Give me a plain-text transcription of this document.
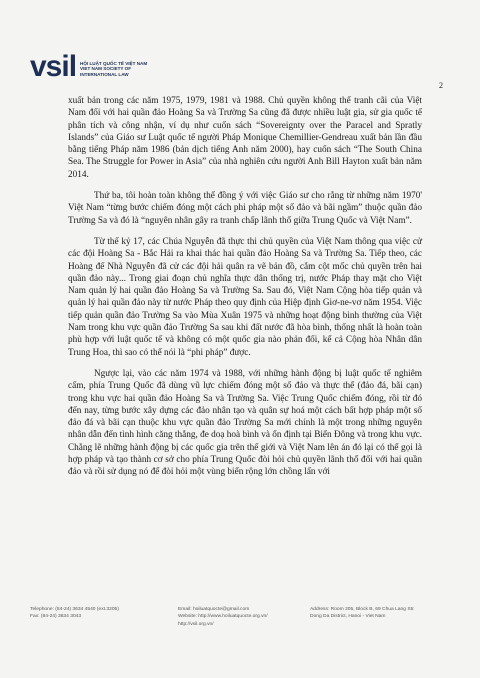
vsil HỘI LUẬT QUỐC TẾ VIỆT NAM
VIET NAM SOCIETY OF
INTERNATIONAL LAW
2

xuất bản trong các năm 1975, 1979, 1981 và 1988. Chủ quyền không thể tranh cãi của Việt Nam đối với hai quần đảo Hoàng Sa và Trường Sa cũng đã được nhiều luật gia, sử gia quốc tế phân tích và công nhận, ví dụ như cuốn sách “Sovereignty over the Paracel and Spratly Islands” của Giáo sư Luật quốc tế người Pháp Monique Chemillier-Gendreau xuất bản lần đầu bằng tiếng Pháp năm 1986 (bản dịch tiếng Anh năm 2000), hay cuốn sách “The South China Sea. The Struggle for Power in Asia” của nhà nghiên cứu người Anh Bill Hayton xuất bản năm 2014.

Thứ ba, tôi hoàn toàn không thể đồng ý với việc Giáo sư cho rằng từ những năm 1970' Việt Nam “từng bước chiếm đóng một cách phi pháp một số đảo và bãi ngầm” thuộc quần đảo Trường Sa và đó là “nguyên nhân gây ra tranh chấp lãnh thổ giữa Trung Quốc và Việt Nam”.

Từ thế kỷ 17, các Chúa Nguyễn đã thực thi chủ quyền của Việt Nam thông qua việc cử các đội Hoàng Sa - Bắc Hải ra khai thác hai quần đảo Hoàng Sa và Trường Sa. Tiếp theo, các Hoàng đế Nhà Nguyễn đã cử các đội hải quân ra vẽ bản đồ, cắm cột mốc chủ quyền trên hai quần đảo này... Trong giai đoạn chủ nghĩa thực dân thống trị, nước Pháp thay mặt cho Việt Nam quản lý hai quần đảo Hoàng Sa và Trường Sa. Sau đó, Việt Nam Cộng hòa tiếp quản và quản lý hai quần đảo này từ nước Pháp theo quy định của Hiệp định Giơ-ne-vơ năm 1954. Việc tiếp quản quần đảo Trường Sa vào Mùa Xuân 1975 và những hoạt động bình thường của Việt Nam trong khu vực quần đảo Trường Sa sau khi đất nước đã hòa bình, thống nhất là hoàn toàn phù hợp với luật quốc tế và không có một quốc gia nào phản đối, kể cả Cộng hòa Nhân dân Trung Hoa, thì sao có thể nói là “phi pháp” được.

Ngược lại, vào các năm 1974 và 1988, với những hành động bị luật quốc tế nghiêm cấm, phía Trung Quốc đã dùng vũ lực chiếm đóng một số đảo và thực thể (đảo đá, bãi cạn) trong khu vực hai quần đảo Hoàng Sa và Trường Sa. Việc Trung Quốc chiếm đóng, rồi từ đó đến nay, từng bước xây dựng các đảo nhân tạo và quân sự hoá một cách bất hợp pháp một số đảo đá và bãi cạn thuộc khu vực quần đảo Trường Sa mới chính là một trong những nguyên nhân dẫn đến tình hình căng thẳng, đe doạ hoà bình và ổn định tại Biển Đông và trong khu vực. Chẳng lẽ những hành động bị các quốc gia trên thế giới và Việt Nam lên án đó lại có thể gọi là hợp pháp và tạo thành cơ sở cho phía Trung Quốc đòi hỏi chủ quyền lãnh thổ đối với hai quần đảo và rồi sử dụng nó để đòi hỏi một vùng biển rộng lớn chồng lấn với

Telephone: (84-24) 3634 4540 (ext.3205)
Fax: (84-24) 3634 3043
Email: hoiluatquocte@gmail.com
Website: http://www.hoiluatquocte.org.vn/
http://vsil.org.vn/
Address: Room 205, Block B, 69 Chua Lang Str.
Dong Da District, Hanoi - Viet Nam
